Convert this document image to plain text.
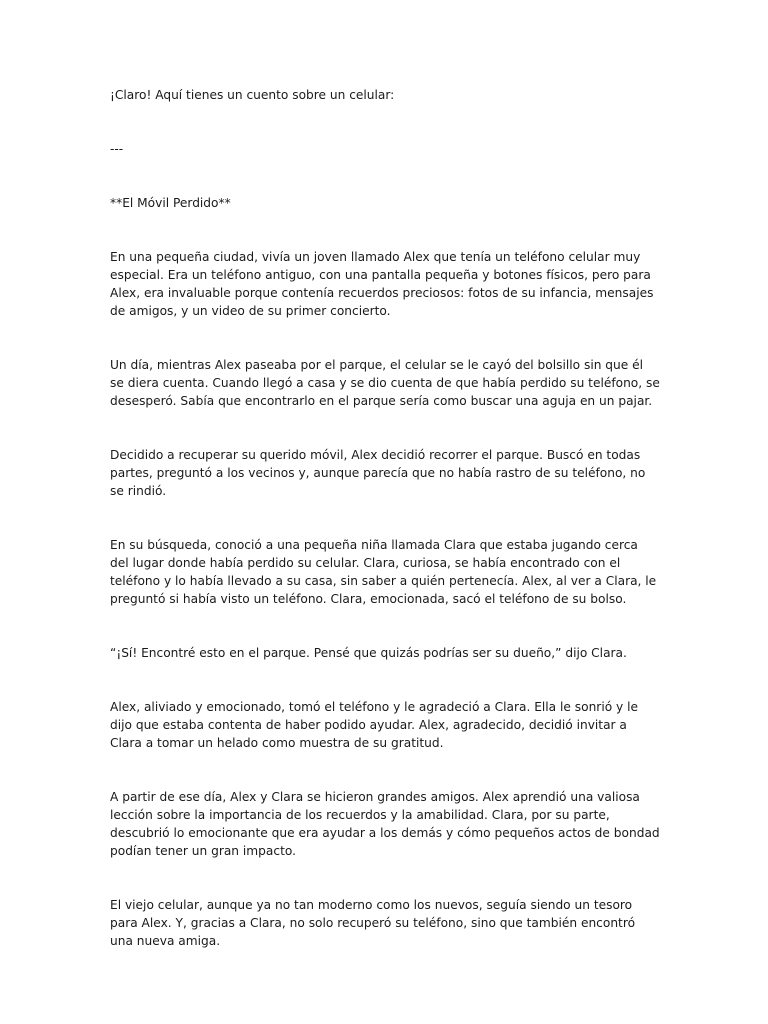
¡Claro! Aquí tienes un cuento sobre un celular:

---

**El Móvil Perdido**

En una pequeña ciudad, vivía un joven llamado Alex que tenía un teléfono celular muy especial. Era un teléfono antiguo, con una pantalla pequeña y botones físicos, pero para Alex, era invaluable porque contenía recuerdos preciosos: fotos de su infancia, mensajes de amigos, y un video de su primer concierto.

Un día, mientras Alex paseaba por el parque, el celular se le cayó del bolsillo sin que él se diera cuenta. Cuando llegó a casa y se dio cuenta de que había perdido su teléfono, se desesperó. Sabía que encontrarlo en el parque sería como buscar una aguja en un pajar.

Decidido a recuperar su querido móvil, Alex decidió recorrer el parque. Buscó en todas partes, preguntó a los vecinos y, aunque parecía que no había rastro de su teléfono, no se rindió.

En su búsqueda, conoció a una pequeña niña llamada Clara que estaba jugando cerca del lugar donde había perdido su celular. Clara, curiosa, se había encontrado con el teléfono y lo había llevado a su casa, sin saber a quién pertenecía. Alex, al ver a Clara, le preguntó si había visto un teléfono. Clara, emocionada, sacó el teléfono de su bolso.

“¡Sí! Encontré esto en el parque. Pensé que quizás podrías ser su dueño,” dijo Clara.

Alex, aliviado y emocionado, tomó el teléfono y le agradeció a Clara. Ella le sonrió y le dijo que estaba contenta de haber podido ayudar. Alex, agradecido, decidió invitar a Clara a tomar un helado como muestra de su gratitud.

A partir de ese día, Alex y Clara se hicieron grandes amigos. Alex aprendió una valiosa lección sobre la importancia de los recuerdos y la amabilidad. Clara, por su parte, descubrió lo emocionante que era ayudar a los demás y cómo pequeños actos de bondad podían tener un gran impacto.

El viejo celular, aunque ya no tan moderno como los nuevos, seguía siendo un tesoro para Alex. Y, gracias a Clara, no solo recuperó su teléfono, sino que también encontró una nueva amiga.
